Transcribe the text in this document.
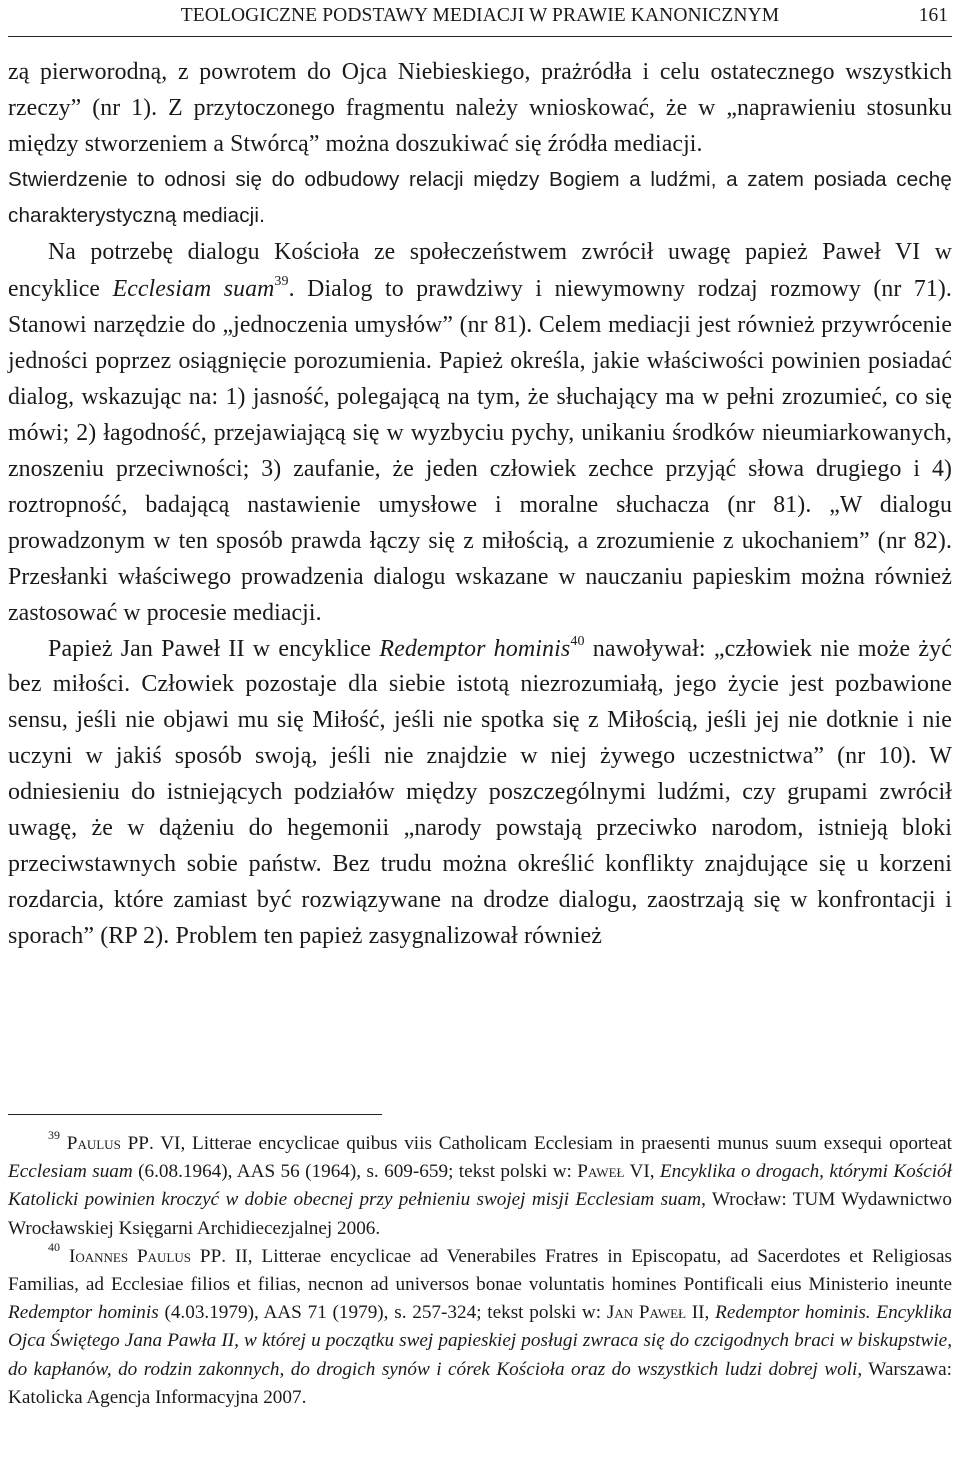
TEOLOGICZNE PODSTAWY MEDIACJI W PRAWIE KANONICZNYM	161

zą pierworodną, z powrotem do Ojca Niebieskiego, prażródła i celu ostatecznego wszystkich rzeczy” (nr 1). Z przytoczonego fragmentu należy wnioskować, że w „naprawieniu stosunku między stworzeniem a Stwórcą” można doszukiwać się źródła mediacji.

Stwierdzenie to odnosi się do odbudowy relacji między Bogiem a ludźmi, a zatem posiada cechę charakterystyczną mediacji.

Na potrzebę dialogu Kościoła ze społeczeństwem zwrócił uwagę papież Paweł VI w encyklice Ecclesiam suam$^{39}$. Dialog to prawdziwy i niewymowny rodzaj rozmowy (nr 71). Stanowi narzędzie do „jednoczenia umysłów” (nr 81). Celem mediacji jest również przywrócenie jedności poprzez osiągnięcie porozumienia. Papież określa, jakie właściwości powinien posiadać dialog, wskazując na: 1) jasność, polegającą na tym, że słuchający ma w pełni zrozumieć, co się mówi; 2) łagodność, przejawiającą się w wyzbyciu pychy, unikaniu środków nieumiarkowanych, znoszeniu przeciwności; 3) zaufanie, że jeden człowiek zechce przyjąć słowa drugiego i 4) roztropność, badającą nastawienie umysłowe i moralne słuchacza (nr 81). „W dialogu prowadzonym w ten sposób prawda łączy się z miłością, a zrozumienie z ukochaniem” (nr 82). Przesłanki właściwego prowadzenia dialogu wskazane w nauczaniu papieskim można również zastosować w procesie mediacji.

Papież Jan Paweł II w encyklice Redemptor hominis$^{40}$ nawoływał: „człowiek nie może żyć bez miłości. Człowiek pozostaje dla siebie istotą niezrozumiałą, jego życie jest pozbawione sensu, jeśli nie objawi mu się Miłość, jeśli nie spotka się z Miłością, jeśli jej nie dotknie i nie uczyni w jakiś sposób swoją, jeśli nie znajdzie w niej żywego uczestnictwa” (nr 10). W odniesieniu do istniejących podziałów między poszczególnymi ludźmi, czy grupami zwrócił uwagę, że w dążeniu do hegemonii „narody powstają przeciwko narodom, istnieją bloki przeciwstawnych sobie państw. Bez trudu można określić konflikty znajdujące się u korzeni rozdarcia, które zamiast być rozwiązywane na drodze dialogu, zaostrzają się w konfrontacji i sporach” (RP 2). Problem ten papież zasygnalizował również

$^{39}$ Paulus PP. VI, Litterae encyclicae quibus viis Catholicam Ecclesiam in praesenti munus suum exsequi oporteat Ecclesiam suam (6.08.1964), AAS 56 (1964), s. 609-659; tekst polski w: Paweł VI, Encyklika o drogach, którymi Kościół Katolicki powinien kroczyć w dobie obecnej przy pełnieniu swojej misji Ecclesiam suam, Wrocław: TUM Wydawnictwo Wrocławskiej Księgarni Archidiecezjalnej 2006.

$^{40}$ Ioannes Paulus PP. II, Litterae encyclicae ad Venerabiles Fratres in Episcopatu, ad Sacerdotes et Religiosas Familias, ad Ecclesiae filios et filias, necnon ad universos bonae voluntatis homines Pontificali eius Ministerio ineunte Redemptor hominis (4.03.1979), AAS 71 (1979), s. 257-324; tekst polski w: Jan Paweł II, Redemptor hominis. Encyklika Ojca Świętego Jana Pawła II, w której u początku swej papieskiej posługi zwraca się do czcigodnych braci w biskupstwie, do kapłanów, do rodzin zakonnych, do drogich synów i córek Kościoła oraz do wszystkich ludzi dobrej woli, Warszawa: Katolicka Agencja Informacyjna 2007.
